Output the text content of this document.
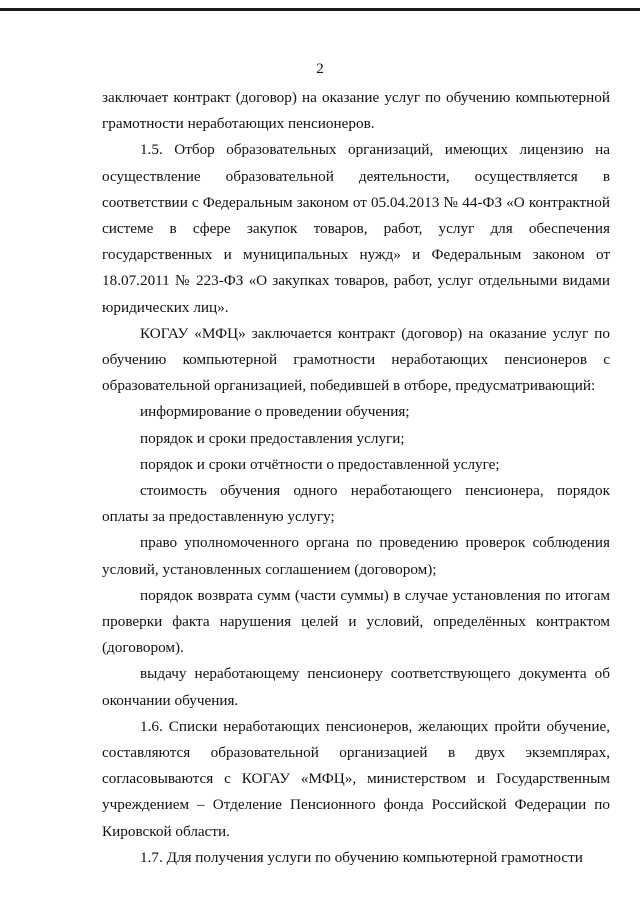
2

заключает контракт (договор) на оказание услуг по обучению компьютерной грамотности неработающих пенсионеров.

1.5. Отбор образовательных организаций, имеющих лицензию на осуществление образовательной деятельности, осуществляется в соответствии с Федеральным законом от 05.04.2013 № 44-ФЗ «О контрактной системе в сфере закупок товаров, работ, услуг для обеспечения государственных и муниципальных нужд» и Федеральным законом от 18.07.2011 № 223-ФЗ «О закупках товаров, работ, услуг отдельными видами юридических лиц».

КОГАУ «МФЦ» заключается контракт (договор) на оказание услуг по обучению компьютерной грамотности неработающих пенсионеров с образовательной организацией, победившей в отборе, предусматривающий:

информирование о проведении обучения;

порядок и сроки предоставления услуги;

порядок и сроки отчётности о предоставленной услуге;

стоимость обучения одного неработающего пенсионера, порядок оплаты за предоставленную услугу;

право уполномоченного органа по проведению проверок соблюдения условий, установленных соглашением (договором);

порядок возврата сумм (части суммы) в случае установления по итогам проверки факта нарушения целей и условий, определённых контрактом (договором).

выдачу неработающему пенсионеру соответствующего документа об окончании обучения.

1.6. Списки неработающих пенсионеров, желающих пройти обучение, составляются образовательной организацией в двух экземплярах, согласовываются с КОГАУ «МФЦ», министерством и Государственным учреждением – Отделение Пенсионного фонда Российской Федерации по Кировской области.

1.7. Для получения услуги по обучению компьютерной грамотности
